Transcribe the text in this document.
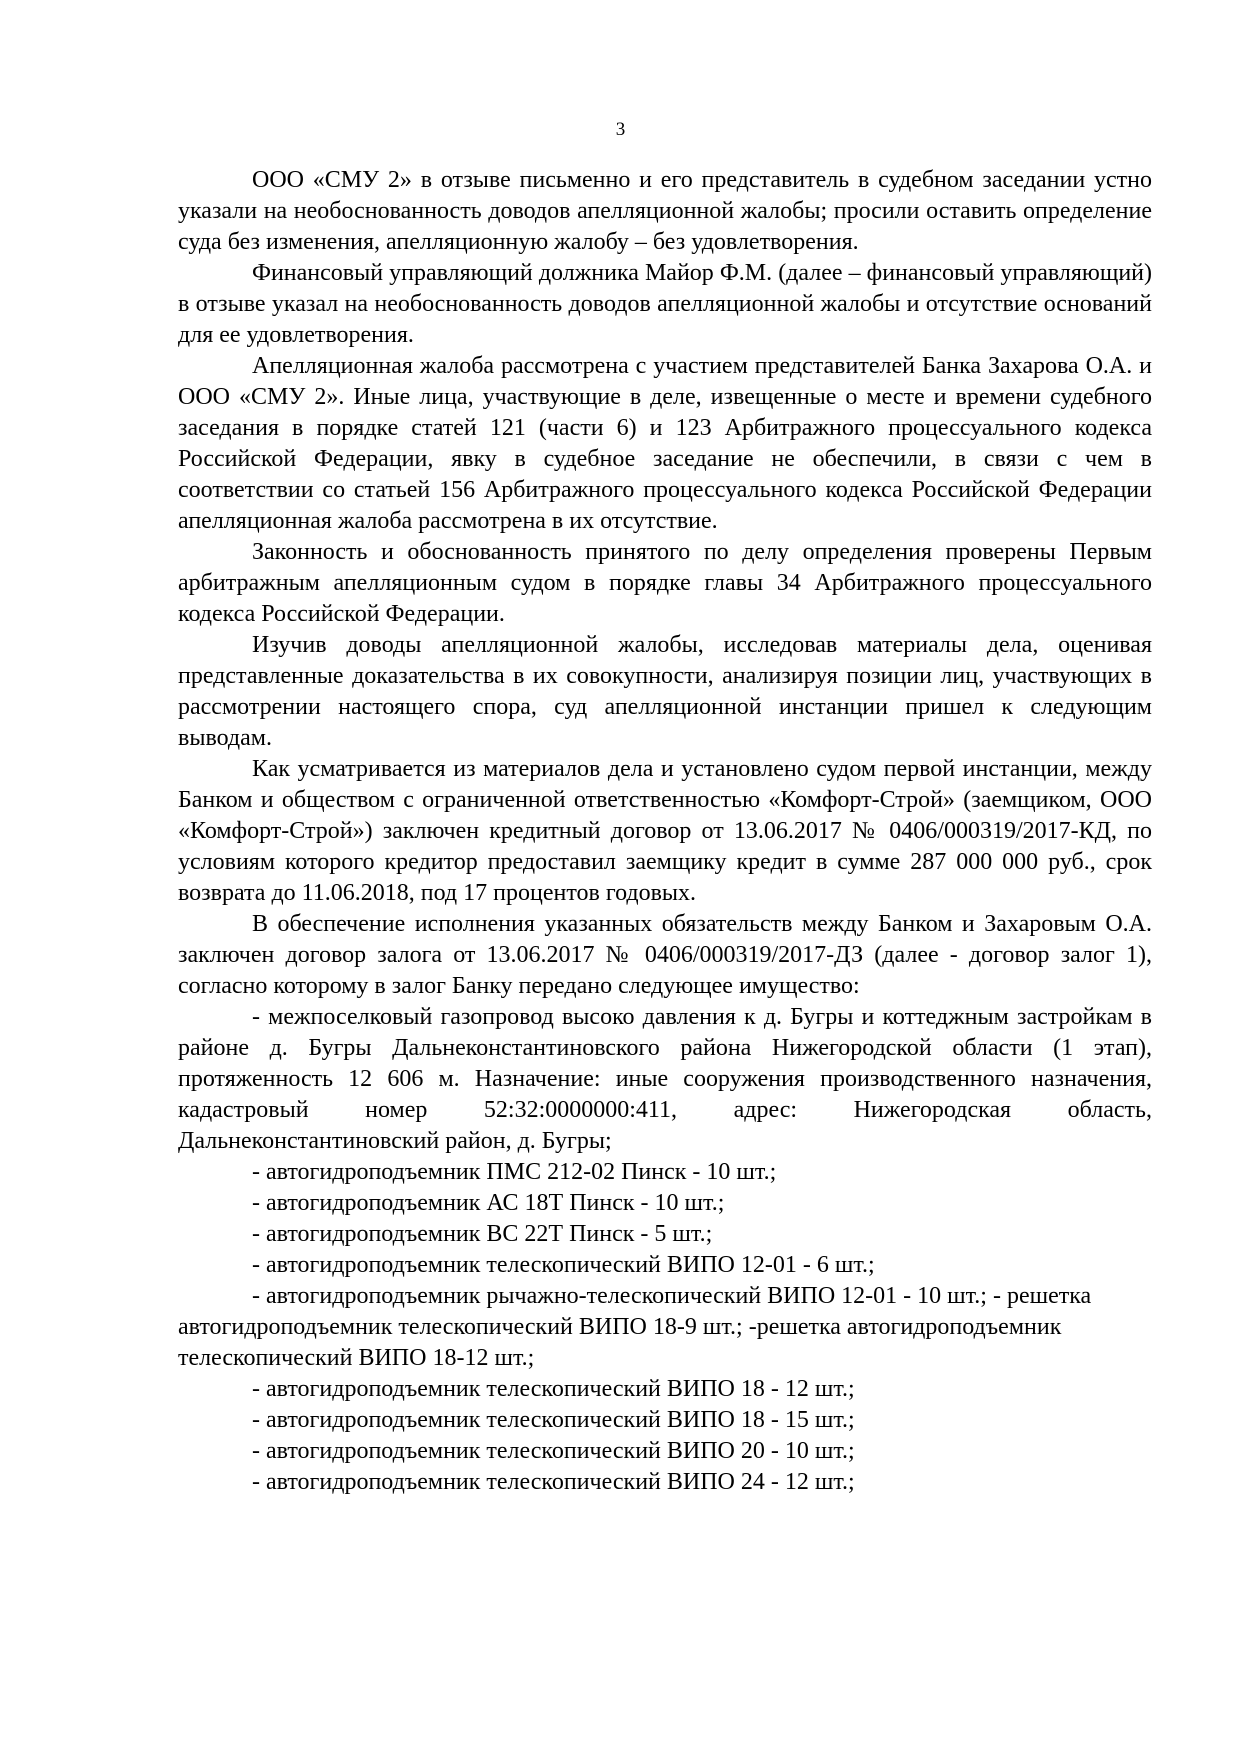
3

ООО «СМУ 2» в отзыве письменно и его представитель в судебном заседании устно указали на необоснованность доводов апелляционной жалобы; просили оставить определение суда без изменения, апелляционную жалобу – без удовлетворения.

Финансовый управляющий должника Майор Ф.М. (далее – финансовый управляющий) в отзыве указал на необоснованность доводов апелляционной жалобы и отсутствие оснований для ее удовлетворения.

Апелляционная жалоба рассмотрена с участием представителей Банка Захарова О.А. и ООО «СМУ 2». Иные лица, участвующие в деле, извещенные о месте и времени судебного заседания в порядке статей 121 (части 6) и 123 Арбитражного процессуального кодекса Российской Федерации, явку в судебное заседание не обеспечили, в связи с чем в соответствии со статьей 156 Арбитражного процессуального кодекса Российской Федерации апелляционная жалоба рассмотрена в их отсутствие.

Законность и обоснованность принятого по делу определения проверены Первым арбитражным апелляционным судом в порядке главы 34 Арбитражного процессуального кодекса Российской Федерации.

Изучив доводы апелляционной жалобы, исследовав материалы дела, оценивая представленные доказательства в их совокупности, анализируя позиции лиц, участвующих в рассмотрении настоящего спора, суд апелляционной инстанции пришел к следующим выводам.

Как усматривается из материалов дела и установлено судом первой инстанции, между Банком и обществом с ограниченной ответственностью «Комфорт-Строй» (заемщиком, ООО «Комфорт-Строй») заключен кредитный договор от 13.06.2017 № 0406/000319/2017-КД, по условиям которого кредитор предоставил заемщику кредит в сумме 287 000 000 руб., срок возврата до 11.06.2018, под 17 процентов годовых.

В обеспечение исполнения указанных обязательств между Банком и Захаровым О.А. заключен договор залога от 13.06.2017 № 0406/000319/2017-ДЗ (далее - договор залог 1), согласно которому в залог Банку передано следующее имущество:

- межпоселковый газопровод высоко давления к д. Бугры и коттеджным застройкам в районе д. Бугры Дальнеконстантиновского района Нижегородской области (1 этап), протяженность 12 606 м. Назначение: иные сооружения производственного назначения, кадастровый номер 52:32:0000000:411, адрес: Нижегородская область, Дальнеконстантиновский район, д. Бугры;

- автогидроподъемник ПМС 212-02 Пинск - 10 шт.;

- автогидроподъемник АС 18Т Пинск - 10 шт.;

- автогидроподъемник ВС 22Т Пинск - 5 шт.;

- автогидроподъемник телескопический ВИПО 12-01 - 6 шт.;

- автогидроподъемник рычажно-телескопический ВИПО 12-01 - 10 шт.; - решетка автогидроподъемник телескопический ВИПО 18-9 шт.; -решетка автогидроподъемник телескопический ВИПО 18-12 шт.;

- автогидроподъемник телескопический ВИПО 18 - 12 шт.;

- автогидроподъемник телескопический ВИПО 18 - 15 шт.;

- автогидроподъемник телескопический ВИПО 20 - 10 шт.;

- автогидроподъемник телескопический ВИПО 24 - 12 шт.;
